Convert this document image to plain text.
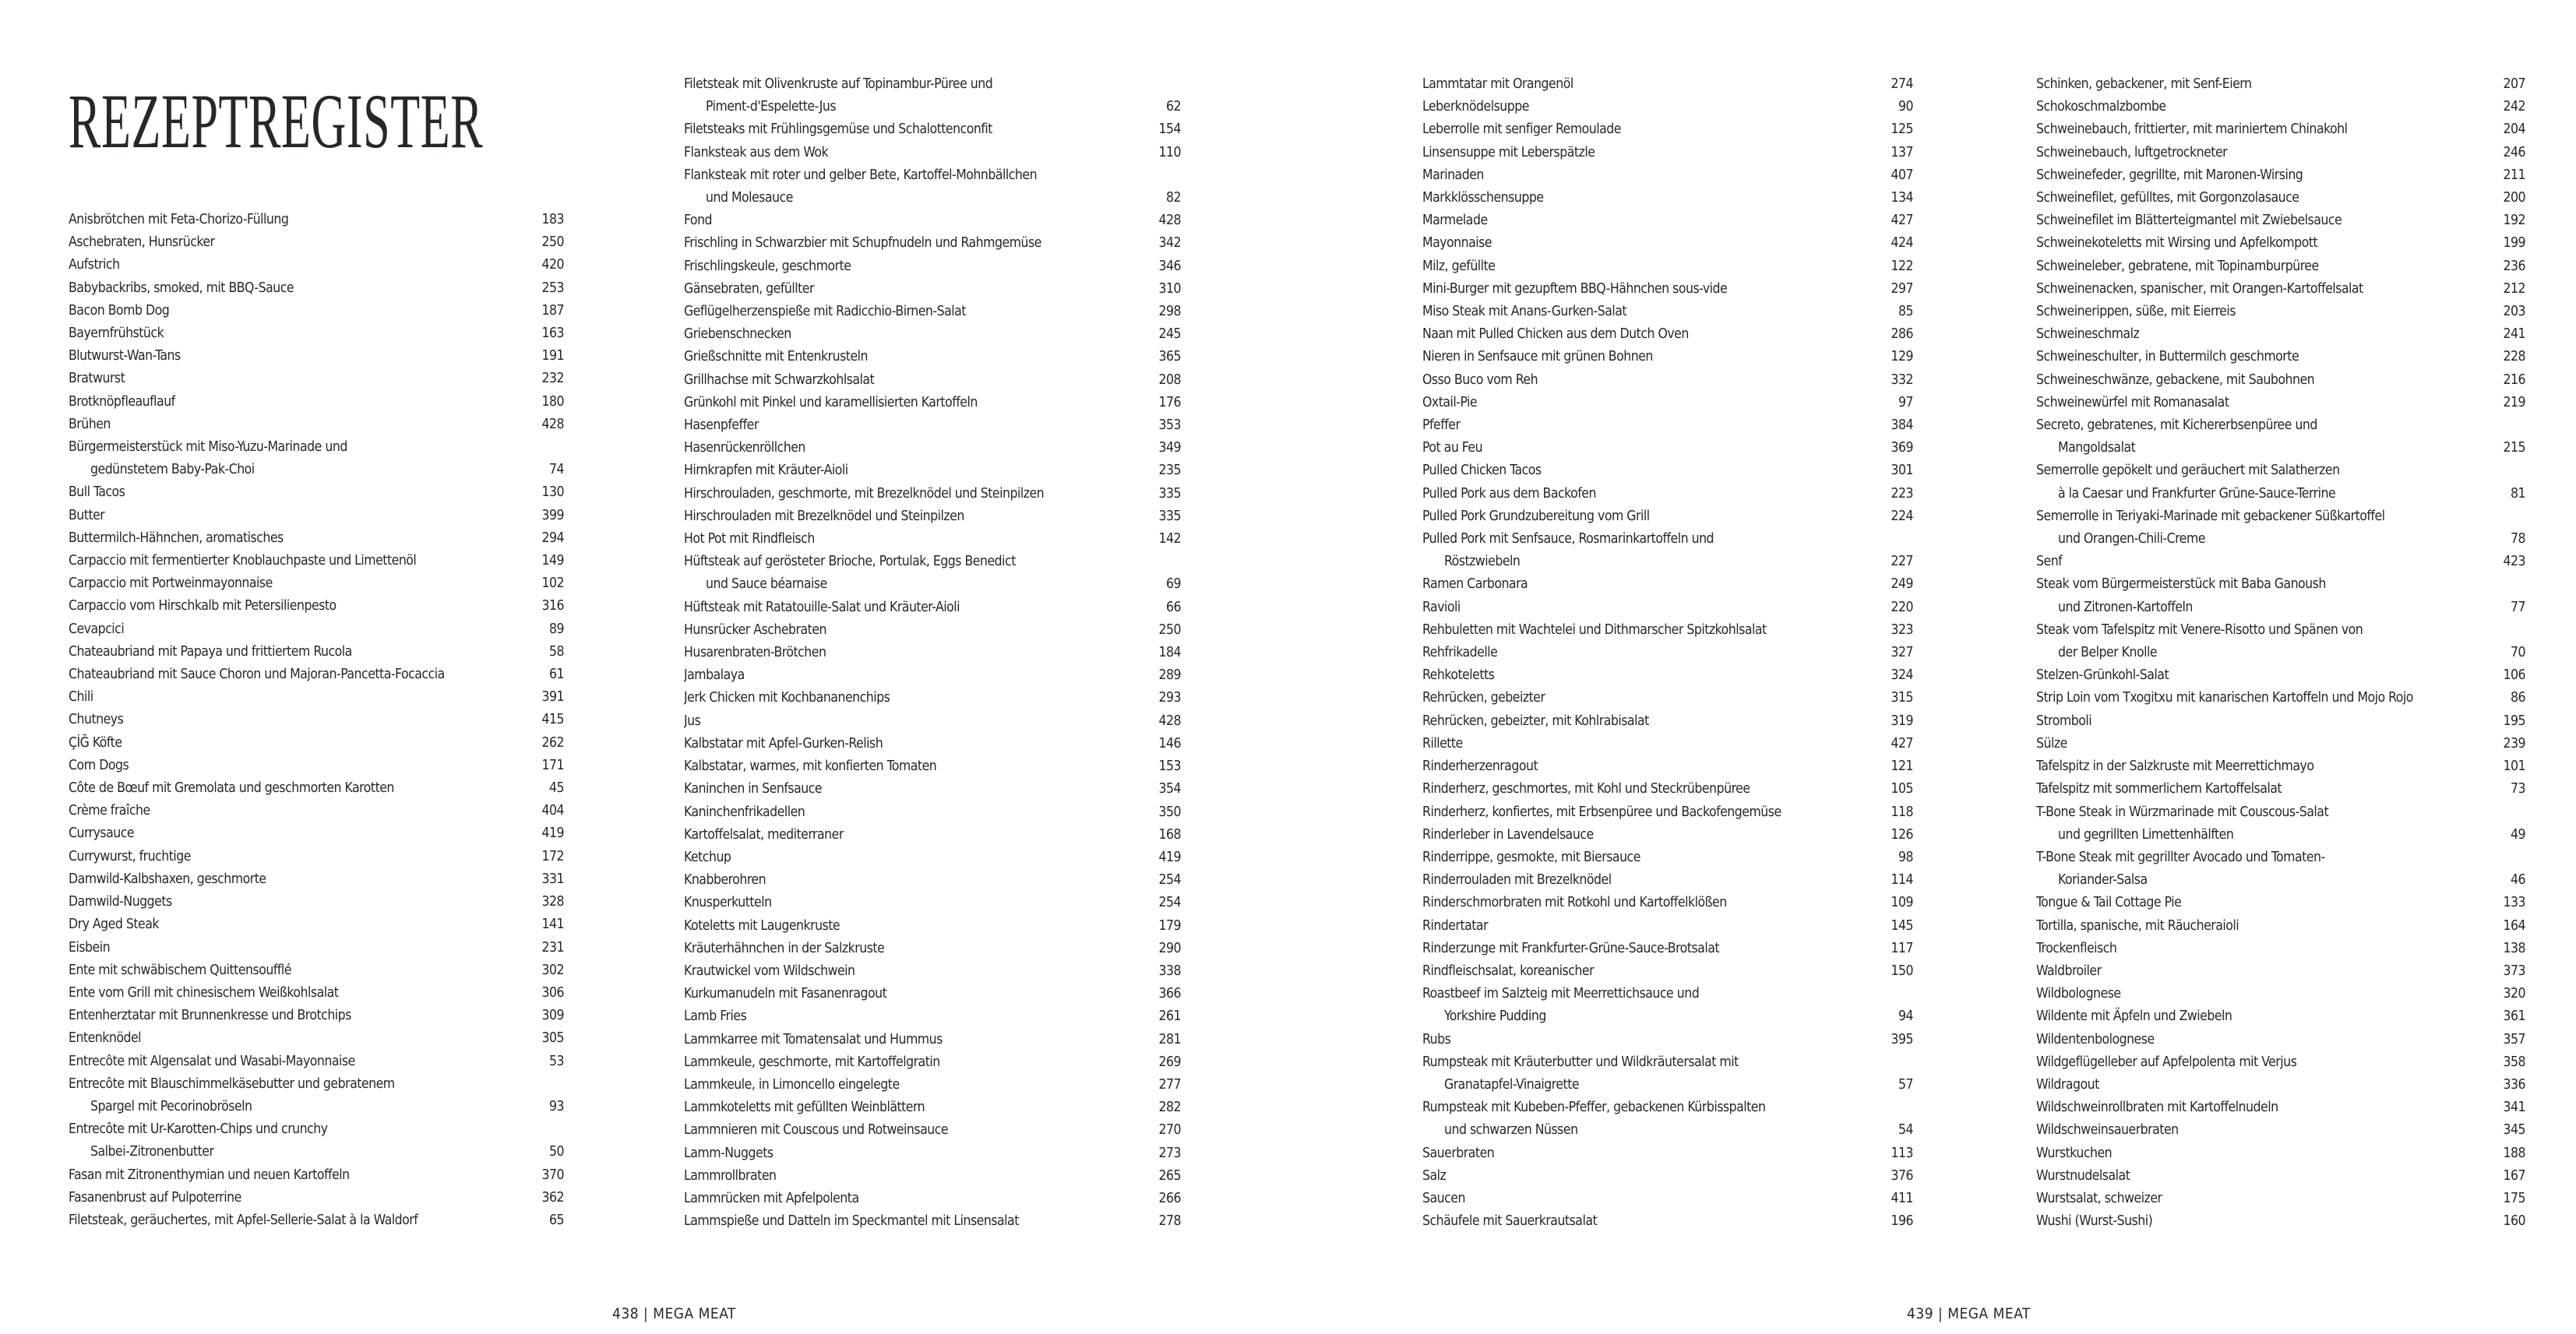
REZEPTREGISTER
Anisbrötchen mit Feta-Chorizo-Füllung	183
Aschebraten, Hunsrücker	250
Aufstrich	420
Babybackribs, smoked, mit BBQ-Sauce	253
Bacon Bomb Dog	187
Bayernfrühstück	163
Blutwurst-Wan-Tans	191
Bratwurst	232
Brotknöpfleauflauf	180
Brühen	428
Bürgermeisterstück mit Miso-Yuzu-Marinade und
gedünstetem Baby-Pak-Choi	74
Bull Tacos	130
Butter	399
Buttermilch-Hähnchen, aromatisches	294
Carpaccio mit fermentierter Knoblauchpaste und Limettenöl	149
Carpaccio mit Portweinmayonnaise	102
Carpaccio vom Hirschkalb mit Petersilienpesto	316
Cevapcici	89
Chateaubriand mit Papaya und frittiertem Rucola	58
Chateaubriand mit Sauce Choron und Majoran-Pancetta-Focaccia	61
Chili	391
Chutneys	415
ÇİĞ Köfte	262
Corn Dogs	171
Côte de Bœuf mit Gremolata und geschmorten Karotten	45
Crème fraîche	404
Currysauce	419
Currywurst, fruchtige	172
Damwild-Kalbshaxen, geschmorte	331
Damwild-Nuggets	328
Dry Aged Steak	141
Eisbein	231
Ente mit schwäbischem Quittensoufflé	302
Ente vom Grill mit chinesischem Weißkohlsalat	306
Entenherztatar mit Brunnenkresse und Brotchips	309
Entenknödel	305
Entrecôte mit Algensalat und Wasabi-Mayonnaise	53
Entrecôte mit Blauschimmelkäsebutter und gebratenem
Spargel mit Pecorinobröseln	93
Entrecôte mit Ur-Karotten-Chips und crunchy
Salbei-Zitronenbutter	50
Fasan mit Zitronenthymian und neuen Kartoffeln	370
Fasanenbrust auf Pulpoterrine	362
Filetsteak, geräuchertes, mit Apfel-Sellerie-Salat à la Waldorf	65
Filetsteak mit Olivenkruste auf Topinambur-Püree und
Piment-d'Espelette-Jus	62
Filetsteaks mit Frühlingsgemüse und Schalottenconfit	154
Flanksteak aus dem Wok	110
Flanksteak mit roter und gelber Bete, Kartoffel-Mohnbällchen
und Molesauce	82
Fond	428
Frischling in Schwarzbier mit Schupfnudeln und Rahmgemüse	342
Frischlingskeule, geschmorte	346
Gänsebraten, gefüllter	310
Geflügelherzenspieße mit Radicchio-Birnen-Salat	298
Griebenschnecken	245
Grießschnitte mit Entenkrusteln	365
Grillhachse mit Schwarzkohlsalat	208
Grünkohl mit Pinkel und karamellisierten Kartoffeln	176
Hasenpfeffer	353
Hasenrückenröllchen	349
Hirnkrapfen mit Kräuter-Aioli	235
Hirschrouladen, geschmorte, mit Brezelknödel und Steinpilzen	335
Hirschrouladen mit Brezelknödel und Steinpilzen	335
Hot Pot mit Rindfleisch	142
Hüftsteak auf gerösteter Brioche, Portulak, Eggs Benedict
und Sauce béarnaise	69
Hüftsteak mit Ratatouille-Salat und Kräuter-Aioli	66
Hunsrücker Aschebraten	250
Husarenbraten-Brötchen	184
Jambalaya	289
Jerk Chicken mit Kochbananenchips	293
Jus	428
Kalbstatar mit Apfel-Gurken-Relish	146
Kalbstatar, warmes, mit konfierten Tomaten	153
Kaninchen in Senfsauce	354
Kaninchenfrikadellen	350
Kartoffelsalat, mediterraner	168
Ketchup	419
Knabberohren	254
Knusperkutteln	254
Koteletts mit Laugenkruste	179
Kräuterhähnchen in der Salzkruste	290
Krautwickel vom Wildschwein	338
Kurkumanudeln mit Fasanenragout	366
Lamb Fries	261
Lammkarree mit Tomatensalat und Hummus	281
Lammkeule, geschmorte, mit Kartoffelgratin	269
Lammkeule, in Limoncello eingelegte	277
Lammkoteletts mit gefüllten Weinblättern	282
Lammnieren mit Couscous und Rotweinsauce	270
Lamm-Nuggets	273
Lammrollbraten	265
Lammrücken mit Apfelpolenta	266
Lammspieße und Datteln im Speckmantel mit Linsensalat	278
Lammtatar mit Orangenöl	274
Leberknödelsuppe	90
Leberrolle mit senfiger Remoulade	125
Linsensuppe mit Leberspätzle	137
Marinaden	407
Markklösschensuppe	134
Marmelade	427
Mayonnaise	424
Milz, gefüllte	122
Mini-Burger mit gezupftem BBQ-Hähnchen sous-vide	297
Miso Steak mit Anans-Gurken-Salat	85
Naan mit Pulled Chicken aus dem Dutch Oven	286
Nieren in Senfsauce mit grünen Bohnen	129
Osso Buco vom Reh	332
Oxtail-Pie	97
Pfeffer	384
Pot au Feu	369
Pulled Chicken Tacos	301
Pulled Pork aus dem Backofen	223
Pulled Pork Grundzubereitung vom Grill	224
Pulled Pork mit Senfsauce, Rosmarinkartoffeln und
Röstzwiebeln	227
Ramen Carbonara	249
Ravioli	220
Rehbuletten mit Wachtelei und Dithmarscher Spitzkohlsalat	323
Rehfrikadelle	327
Rehkoteletts	324
Rehrücken, gebeizter	315
Rehrücken, gebeizter, mit Kohlrabisalat	319
Rillette	427
Rinderherzenragout	121
Rinderherz, geschmortes, mit Kohl und Steckrübenpüree	105
Rinderherz, konfiertes, mit Erbsenpüree und Backofengemüse	118
Rinderleber in Lavendelsauce	126
Rinderrippe, gesmokte, mit Biersauce	98
Rinderrouladen mit Brezelknödel	114
Rinderschmorbraten mit Rotkohl und Kartoffelklößen	109
Rindertatar	145
Rinderzunge mit Frankfurter-Grüne-Sauce-Brotsalat	117
Rindfleischsalat, koreanischer	150
Roastbeef im Salzteig mit Meerrettichsauce und
Yorkshire Pudding	94
Rubs	395
Rumpsteak mit Kräuterbutter und Wildkräutersalat mit
Granatapfel-Vinaigrette	57
Rumpsteak mit Kubeben-Pfeffer, gebackenen Kürbisspalten
und schwarzen Nüssen	54
Sauerbraten	113
Salz	376
Saucen	411
Schäufele mit Sauerkrautsalat	196
Schinken, gebackener, mit Senf-Eiern	207
Schokoschmalzbombe	242
Schweinebauch, frittierter, mit mariniertem Chinakohl	204
Schweinebauch, luftgetrockneter	246
Schweinefeder, gegrillte, mit Maronen-Wirsing	211
Schweinefilet, gefülltes, mit Gorgonzolasauce	200
Schweinefilet im Blätterteigmantel mit Zwiebelsauce	192
Schweinekoteletts mit Wirsing und Apfelkompott	199
Schweineleber, gebratene, mit Topinamburpüree	236
Schweinenacken, spanischer, mit Orangen-Kartoffelsalat	212
Schweinerippen, süße, mit Eierreis	203
Schweineschmalz	241
Schweineschulter, in Buttermilch geschmorte	228
Schweineschwänze, gebackene, mit Saubohnen	216
Schweinewürfel mit Romanasalat	219
Secreto, gebratenes, mit Kichererbsenpüree und
Mangoldsalat	215
Semerrolle gepökelt und geräuchert mit Salatherzen
à la Caesar und Frankfurter Grüne-Sauce-Terrine	81
Semerrolle in Teriyaki-Marinade mit gebackener Süßkartoffel
und Orangen-Chili-Creme	78
Senf	423
Steak vom Bürgermeisterstück mit Baba Ganoush
und Zitronen-Kartoffeln	77
Steak vom Tafelspitz mit Venere-Risotto und Spänen von
der Belper Knolle	70
Stelzen-Grünkohl-Salat	106
Strip Loin vom Txogitxu mit kanarischen Kartoffeln und Mojo Rojo	86
Stromboli	195
Sülze	239
Tafelspitz in der Salzkruste mit Meerrettichmayo	101
Tafelspitz mit sommerlichem Kartoffelsalat	73
T-Bone Steak in Würzmarinade mit Couscous-Salat
und gegrillten Limettenhälften	49
T-Bone Steak mit gegrillter Avocado und Tomaten-
Koriander-Salsa	46
Tongue & Tail Cottage Pie	133
Tortilla, spanische, mit Räucheraioli	164
Trockenfleisch	138
Waldbroiler	373
Wildbolognese	320
Wildente mit Äpfeln und Zwiebeln	361
Wildentenbolognese	357
Wildgeflügelleber auf Apfelpolenta mit Verjus	358
Wildragout	336
Wildschweinrollbraten mit Kartoffelnudeln	341
Wildschweinsauerbraten	345
Wurstkuchen	188
Wurstnudelsalat	167
Wurstsalat, schweizer	175
Wushi (Wurst-Sushi)	160
438 | MEGA MEAT	439 | MEGA MEAT
